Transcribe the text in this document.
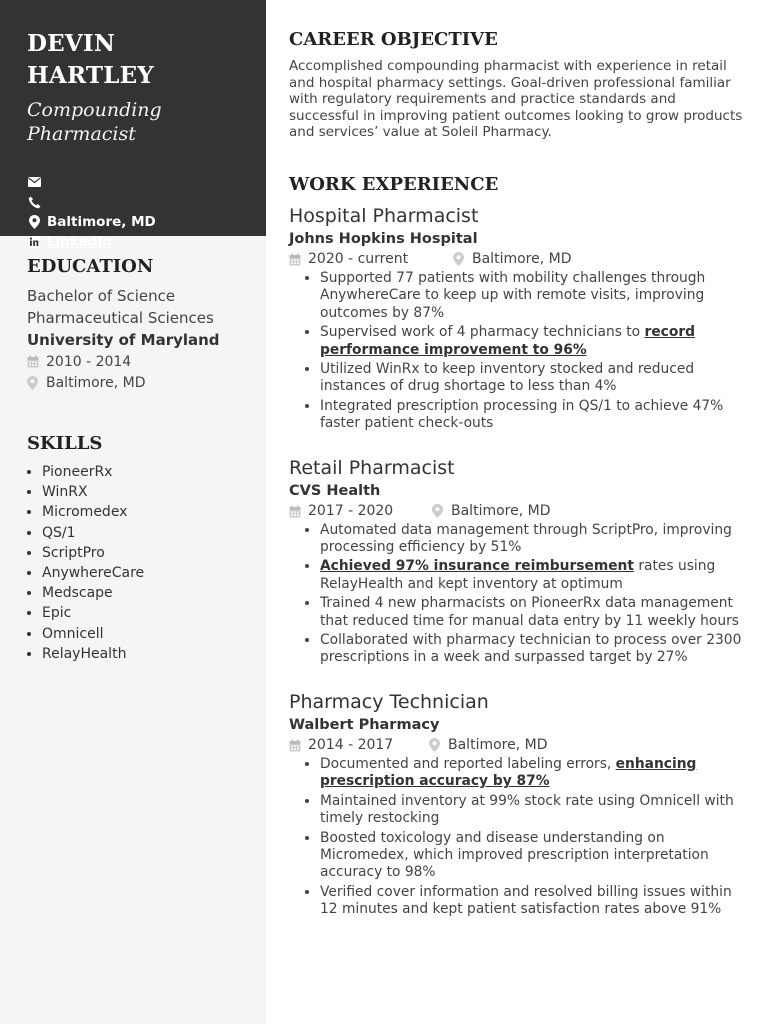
DEVIN HARTLEY
Compounding
Pharmacist
Baltimore, MD
LinkedIn
EDUCATION
Bachelor of Science
Pharmaceutical Sciences
University of Maryland
2010 - 2014
Baltimore, MD
SKILLS
• PioneerRx
• WinRX
• Micromedex
• QS/1
• ScriptPro
• AnywhereCare
• Medscape
• Epic
• Omnicell
• RelayHealth
CAREER OBJECTIVE

Accomplished compounding pharmacist with experience in retail and hospital pharmacy settings. Goal-driven professional familiar with regulatory requirements and practice standards and successful in improving patient outcomes looking to grow products and services’ value at Soleil Pharmacy.

WORK EXPERIENCE
Hospital Pharmacist
Johns Hopkins Hospital
2020 - current	Baltimore, MD
• Supported 77 patients with mobility challenges through AnywhereCare to keep up with remote visits, improving outcomes by 87%
• Supervised work of 4 pharmacy technicians to record performance improvement to 96%
• Utilized WinRx to keep inventory stocked and reduced instances of drug shortage to less than 4%
• Integrated prescription processing in QS/1 to achieve 47% faster patient check-outs
Retail Pharmacist
CVS Health
2017 - 2020	Baltimore, MD
• Automated data management through ScriptPro, improving processing efficiency by 51%
• Achieved 97% insurance reimbursement rates using RelayHealth and kept inventory at optimum
• Trained 4 new pharmacists on PioneerRx data management that reduced time for manual data entry by 11 weekly hours
• Collaborated with pharmacy technician to process over 2300 prescriptions in a week and surpassed target by 27%
Pharmacy Technician
Walbert Pharmacy
2014 - 2017	Baltimore, MD
• Documented and reported labeling errors, enhancing prescription accuracy by 87%
• Maintained inventory at 99% stock rate using Omnicell with timely restocking
• Boosted toxicology and disease understanding on Micromedex, which improved prescription interpretation accuracy to 98%
• Verified cover information and resolved billing issues within 12 minutes and kept patient satisfaction rates above 91%
